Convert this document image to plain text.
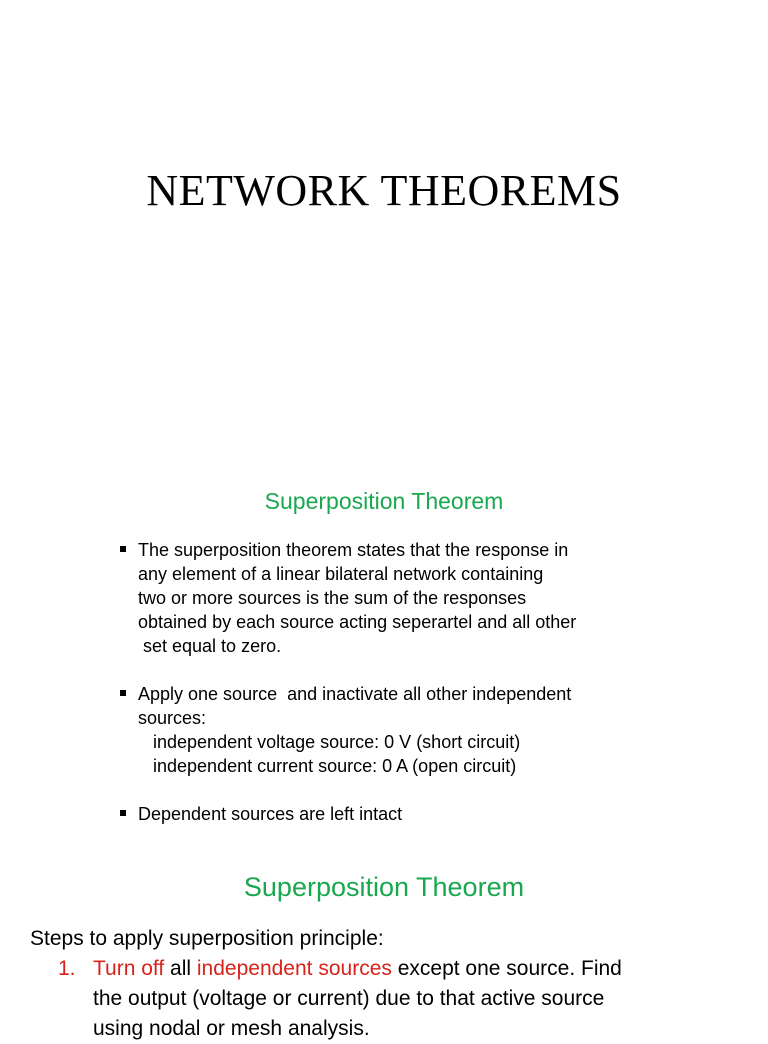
NETWORK THEOREMS
Superposition Theorem
The superposition theorem states that the response in
any element of a linear bilateral network containing
two or more sources is the sum of the responses
obtained by each source acting seperartel and all other
set equal to zero.
Apply one source  and inactivate all other independent
sources:
independent voltage source: 0 V (short circuit)
independent current source: 0 A (open circuit)
Dependent sources are left intact
Superposition Theorem
Steps to apply superposition principle:
1. Turn off all independent sources except one source. Find
the output (voltage or current) due to that active source
using nodal or mesh analysis.
